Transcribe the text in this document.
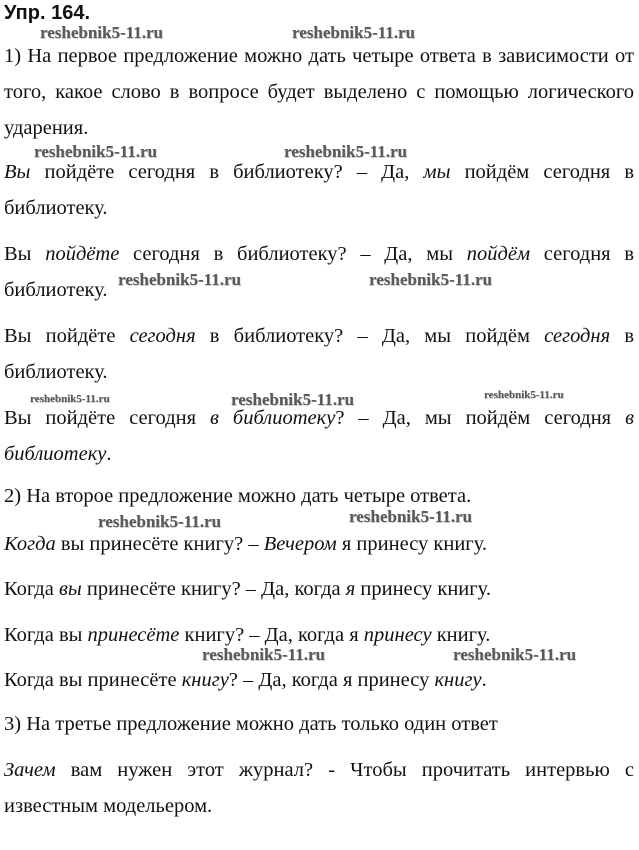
Упр. 164.
1) На первое предложение можно дать четыре ответа в зависимости от того, какое слово в вопросе будет выделено с помощью логического ударения.
Вы пойдёте сегодня в библиотеку? – Да, мы пойдём сегодня в библиотеку.
Вы пойдёте сегодня в библиотеку? – Да, мы пойдём сегодня в библиотеку.
Вы пойдёте сегодня в библиотеку? – Да, мы пойдём сегодня в библиотеку.
Вы пойдёте сегодня в библиотеку? – Да, мы пойдём сегодня в библиотеку.
2) На второе предложение можно дать четыре ответа.
Когда вы принесёте книгу? – Вечером я принесу книгу.
Когда вы принесёте книгу? – Да, когда я принесу книгу.
Когда вы принесёте книгу? – Да, когда я принесу книгу.
Когда вы принесёте книгу? – Да, когда я принесу книгу.
3) На третье предложение можно дать только один ответ
Зачем вам нужен этот журнал? - Чтобы прочитать интервью с известным модельером.
reshebnik5-11.ru	reshebnik5-11.ru
reshebnik5-11.ru	reshebnik5-11.ru
reshebnik5-11.ru	reshebnik5-11.ru
reshebnik5-11.ru	reshebnik5-11.ru	reshebnik5-11.ru
reshebnik5-11.ru	reshebnik5-11.ru
reshebnik5-11.ru	reshebnik5-11.ru
